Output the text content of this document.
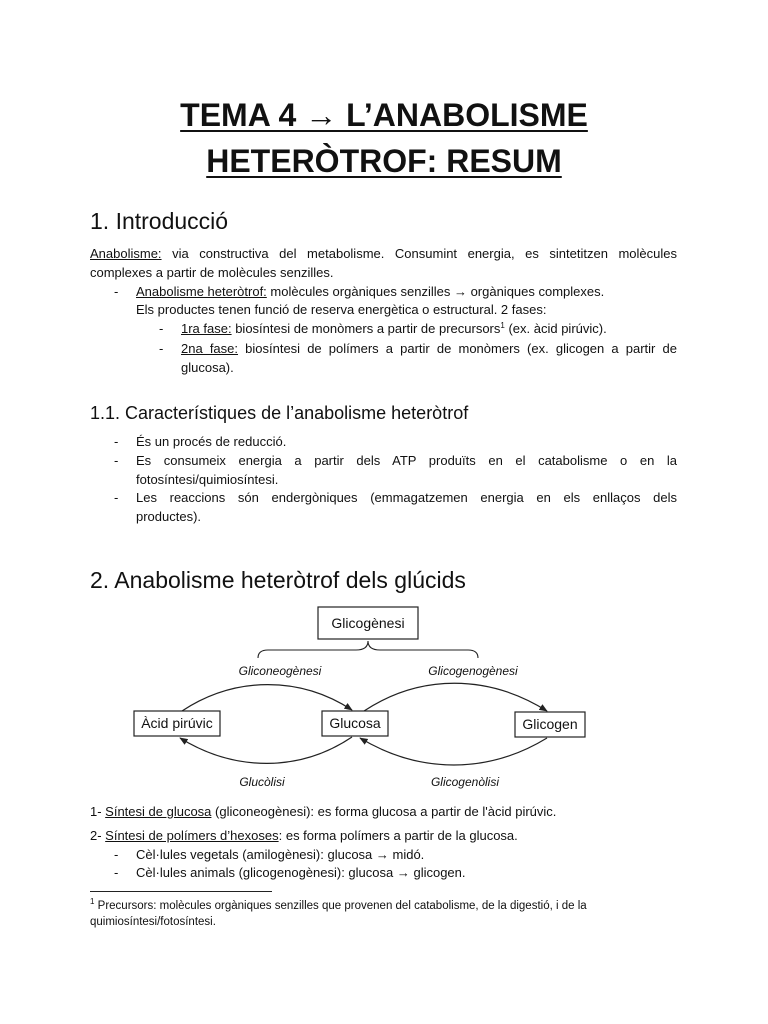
TEMA 4 → L’ANABOLISME
HETERÒTROF: RESUM
1. Introducció
Anabolisme: via constructiva del metabolisme. Consumint energia, es sintetitzen molècules
complexes a partir de molècules senzilles.
- Anabolisme heteròtrof: molècules orgàniques senzilles → orgàniques complexes.
Els productes tenen funció de reserva energètica o estructural. 2 fases:
- 1ra fase: biosíntesi de monòmers a partir de precursors$^1$ (ex. àcid pirúvic).
- 2na fase: biosíntesi de polímers a partir de monòmers (ex. glicogen a partir de
glucosa).
1.1. Característiques de l’anabolisme heteròtrof
- És un procés de reducció.
- Es consumeix energia a partir dels ATP produïts en el catabolisme o en la
fotosíntesi/quimiosíntesi.
- Les reaccions són endergòniques (emmagatzemen energia en els enllaços dels
productes).
2. Anabolisme heteròtrof dels glúcids
Glicogènesi
Gliconeogènesi	Glicogenogènesi
Àcid pirúvic	Glucosa	Glicogen
Glucòlisi	Glicogenòlisi
1- Síntesi de glucosa (gliconeogènesi): es forma glucosa a partir de l'àcid pirúvic.
2- Síntesi de polímers d’hexoses: es forma polímers a partir de la glucosa.
- Cèl·lules vegetals (amilogènesi): glucosa → midó.
- Cèl·lules animals (glicogenogènesi): glucosa → glicogen.
$^1$ Precursors: molècules orgàniques senzilles que provenen del catabolisme, de la digestió, i de la
quimiosíntesi/fotosíntesi.
